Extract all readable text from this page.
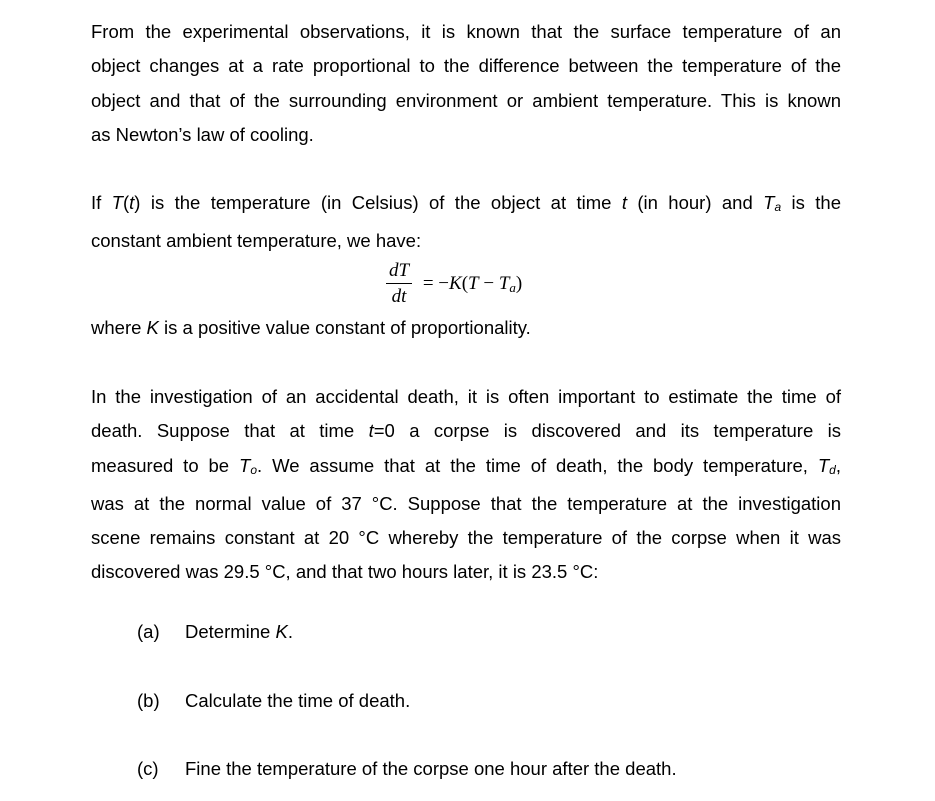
From the experimental observations, it is known that the surface temperature of an

object changes at a rate proportional to the difference between the temperature of the

object and that of the surrounding environment or ambient temperature. This is known

as Newton’s law of cooling.

If T(t) is the temperature (in Celsius) of the object at time t (in hour) and Ta is the

constant ambient temperature, we have:

$\frac{dT}{dt} = -K(T - T_a)$

where K is a positive value constant of proportionality.

In the investigation of an accidental death, it is often important to estimate the time of

death. Suppose that at time t=0 a corpse is discovered and its temperature is

measured to be To. We assume that at the time of death, the body temperature, Td,

was at the normal value of 37 °C. Suppose that the temperature at the investigation

scene remains constant at 20 °C whereby the temperature of the corpse when it was

discovered was 29.5 °C, and that two hours later, it is 23.5 °C:

(a)	Determine K.
(b)	Calculate the time of death.
(c)	Fine the temperature of the corpse one hour after the death.
